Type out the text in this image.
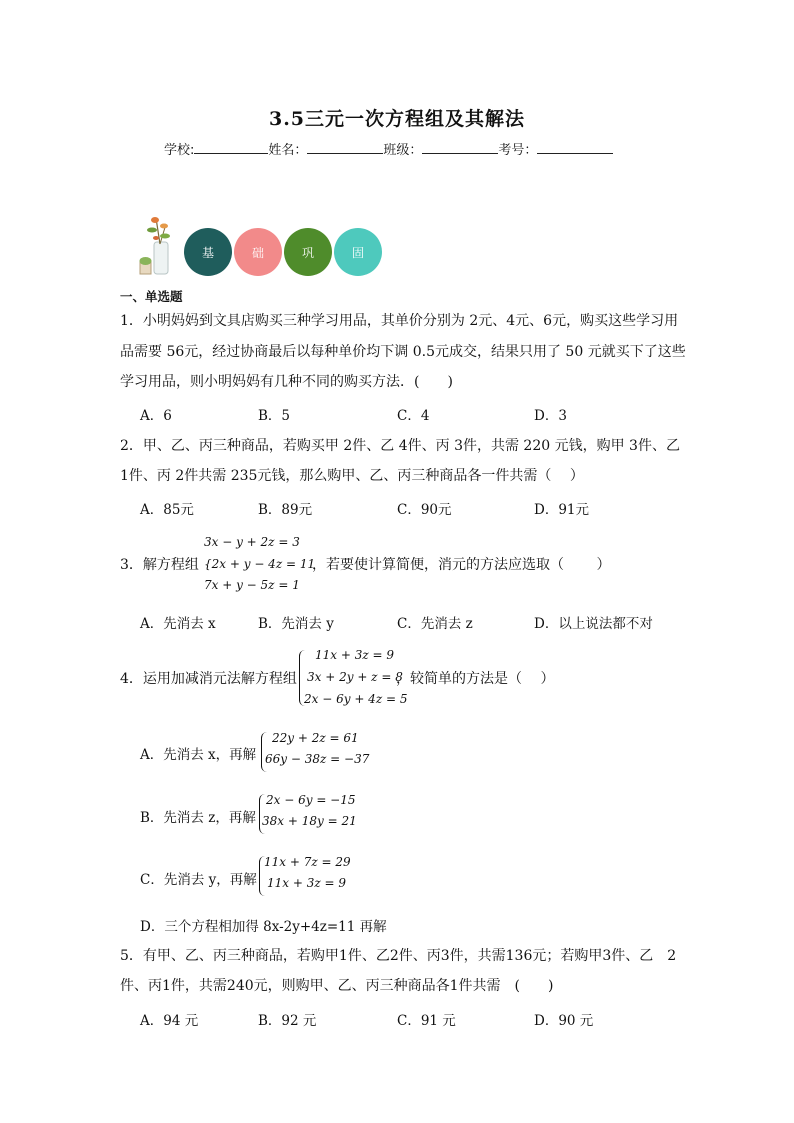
3.5三元一次方程组及其解法
学校:	姓名：	班级：	考号：
基	础	巩	固
一、单选题
1．小明妈妈到文具店购买三种学习用品，其单价分别为 2元、4元、6元，购买这些学习用
品需要 56元，经过协商最后以每种单价均下调 0.5元成交，结果只用了 50 元就买下了这些
学习用品，则小明妈妈有几种不同的购买方法．(　　)
A．6	B．5	C．4	D．3
2．甲、乙、丙三种商品，若购买甲 2件、乙 4件、丙 3件，共需 220 元钱，购甲 3件、乙
1件、丙 2件共需 235元钱，那么购甲、乙、丙三种商品各一件共需（　 ）
A．85元	B．89元	C．90元	D．91元
3x − y + 2z = 3
3．解方程组 {2x + y − 4z = 11
，若要使计算简便，消元的方法应选取（　　 ）
7x + y − 5z = 1
A．先消去 x	B．先消去 y	C．先消去 z	D．以上说法都不对
4．运用加减消元法解方程组
11x + 3z = 9
3x + 2y + z = 8
2x − 6y + 4z = 5
，较简单的方法是（　 ）
A．先消去 x，再解
22y + 2z = 61
66y − 38z = −37
B．先消去 z，再解
2x − 6y = −15
38x + 18y = 21
C．先消去 y，再解
11x + 7z = 29
11x + 3z = 9
D．三个方程相加得 8x-2y+4z=11 再解
5．有甲、乙、丙三种商品，若购甲1件、乙2件、丙3件，共需136元；若购甲3件、乙　2
件、丙1件，共需240元，则购甲、乙、丙三种商品各1件共需　(　　)
A．94 元	B．92 元	C．91 元	D．90 元
